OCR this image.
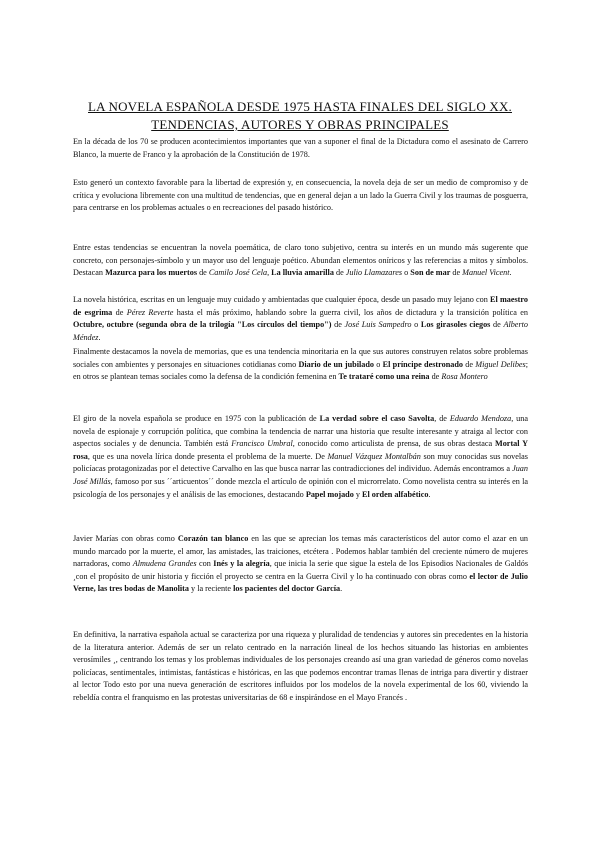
LA NOVELA ESPAÑOLA DESDE 1975 HASTA FINALES DEL SIGLO XX.
TENDENCIAS, AUTORES Y OBRAS PRINCIPALES

En la década de los 70 se producen acontecimientos importantes que van a suponer el final de la Dictadura como el asesinato de Carrero Blanco, la muerte de Franco y la aprobación de la Constitución de 1978.

Esto generó un contexto favorable para la libertad de expresión y, en consecuencia, la novela deja de ser un medio de compromiso y de crítica y evoluciona libremente con una multitud de tendencias, que en general dejan a un lado la Guerra Civil y los traumas de posguerra, para centrarse en los problemas actuales o en recreaciones del pasado histórico.

Entre estas tendencias se encuentran la novela poemática, de claro tono subjetivo, centra su interés en un mundo más sugerente que concreto, con personajes-símbolo y un mayor uso del lenguaje poético. Abundan elementos oníricos y las referencias a mitos y símbolos. Destacan Mazurca para los muertos de Camilo José Cela, La lluvia amarilla de Julio Llamazares o Son de mar de Manuel Vicent.

La novela histórica, escritas en un lenguaje muy cuidado y ambientadas que cualquier época, desde un pasado muy lejano con El maestro de esgrima de Pérez Reverte hasta el más próximo, hablando sobre la guerra civil, los años de dictadura y la transición política en Octubre, octubre (segunda obra de la trilogía "Los círculos del tiempo") de José Luis Sampedro o Los girasoles ciegos de Alberto Méndez.

Finalmente destacamos la novela de memorias, que es una tendencia minoritaria en la que sus autores construyen relatos sobre problemas sociales con ambientes y personajes en situaciones cotidianas como Diario de un jubilado o El príncipe destronado de Miguel Delibes; en otros se plantean temas sociales como la defensa de la condición femenina en Te trataré como una reina de Rosa Montero

El giro de la novela española se produce en 1975 con la publicación de La verdad sobre el caso Savolta, de Eduardo Mendoza, una novela de espionaje y corrupción política, que combina la tendencia de narrar una historia que resulte interesante y atraiga al lector con aspectos sociales y de denuncia. También está Francisco Umbral, conocido como articulista de prensa, de sus obras destaca Mortal Y rosa, que es una novela lírica donde presenta el problema de la muerte. De Manuel Vázquez Montalbán son muy conocidas sus novelas policíacas protagonizadas por el detective Carvalho en las que busca narrar las contradicciones del individuo. Además encontramos a Juan José Millás, famoso por sus ´´articuentos´´ donde mezcla el artículo de opinión con el microrrelato. Como novelista centra su interés en la psicología de los personajes y el análisis de las emociones, destacando Papel mojado y El orden alfabético.

Javier Marías con obras como Corazón tan blanco en las que se aprecian los temas más característicos del autor como el azar en un mundo marcado por la muerte, el amor, las amistades, las traiciones, etcétera . Podemos hablar también del creciente número de mujeres narradoras, como Almudena Grandes con Inés y la alegría, que inicia la serie que sigue la estela de los Episodios Nacionales de Galdós ¸con el propósito de unir historia y ficción el proyecto se centra en la Guerra Civil y lo ha continuado con obras como el lector de Julio Verne, las tres bodas de Manolita y la reciente los pacientes del doctor García.

En definitiva, la narrativa española actual se caracteriza por una riqueza y pluralidad de tendencias y autores sin precedentes en la historia de la literatura anterior. Además de ser un relato centrado en la narración lineal de los hechos situando las historias en ambientes verosímiles ¸, centrando los temas y los problemas individuales de los personajes creando así una gran variedad de géneros como novelas policíacas, sentimentales, intimistas, fantásticas e históricas, en las que podemos encontrar tramas llenas de intriga para divertir y distraer al lector Todo esto por una nueva generación de escritores influidos por los modelos de la novela experimental de los 60, viviendo la rebeldía contra el franquismo en las protestas universitarias de 68 e inspirándose en el Mayo Francés .
